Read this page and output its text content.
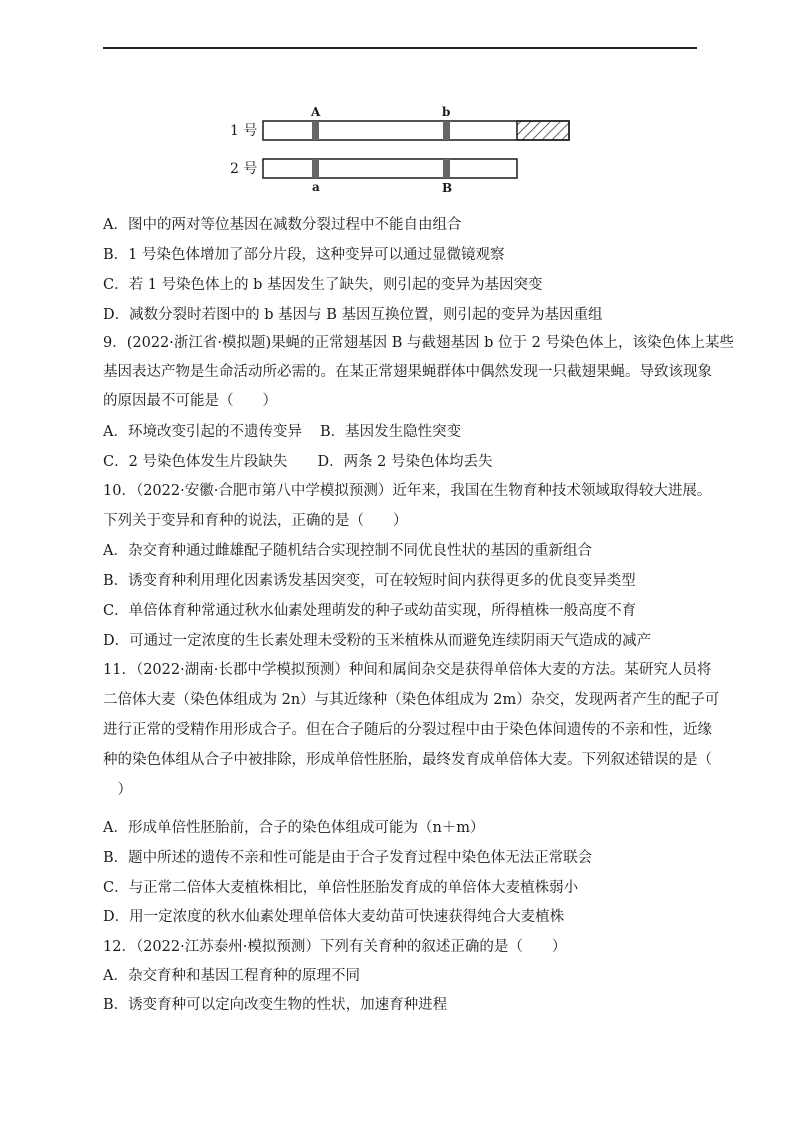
1 号
A	b
2 号
a	B
A．图中的两对等位基因在减数分裂过程中不能自由组合
B．1 号染色体增加了部分片段，这种变异可以通过显微镜观察
C．若 1 号染色体上的 b 基因发生了缺失，则引起的变异为基因突变
D．减数分裂时若图中的 b 基因与 B 基因互换位置，则引起的变异为基因重组
9．(2022·浙江省·模拟题)果蝇的正常翅基因 B 与截翅基因 b 位于 2 号染色体上，该染色体上某些
基因表达产物是生命活动所必需的。在某正常翅果蝇群体中偶然发现一只截翅果蝇。导致该现象
的原因最不可能是（　　）
A．环境改变引起的不遗传变异 B．基因发生隐性突变
C．2 号染色体发生片段缺失 D．两条 2 号染色体均丢失
10．（2022·安徽·合肥市第八中学模拟预测）近年来，我国在生物育种技术领域取得较大进展。
下列关于变异和育种的说法，正确的是（　　）
A．杂交育种通过雌雄配子随机结合实现控制不同优良性状的基因的重新组合
B．诱变育种利用理化因素诱发基因突变，可在较短时间内获得更多的优良变异类型
C．单倍体育种常通过秋水仙素处理萌发的种子或幼苗实现，所得植株一般高度不育
D．可通过一定浓度的生长素处理未受粉的玉米植株从而避免连续阴雨天气造成的减产
11．（2022·湖南·长郡中学模拟预测）种间和属间杂交是获得单倍体大麦的方法。某研究人员将
二倍体大麦（染色体组成为 2n）与其近缘种（染色体组成为 2m）杂交，发现两者产生的配子可
进行正常的受精作用形成合子。但在合子随后的分裂过程中由于染色体间遗传的不亲和性，近缘
种的染色体组从合子中被排除，形成单倍性胚胎，最终发育成单倍体大麦。下列叙述错误的是（
　）
A．形成单倍性胚胎前，合子的染色体组成可能为（n＋m）
B．题中所述的遗传不亲和性可能是由于合子发育过程中染色体无法正常联会
C．与正常二倍体大麦植株相比，单倍性胚胎发育成的单倍体大麦植株弱小
D．用一定浓度的秋水仙素处理单倍体大麦幼苗可快速获得纯合大麦植株
12．（2022·江苏泰州·模拟预测）下列有关育种的叙述正确的是（　　）
A．杂交育种和基因工程育种的原理不同
B．诱变育种可以定向改变生物的性状，加速育种进程
